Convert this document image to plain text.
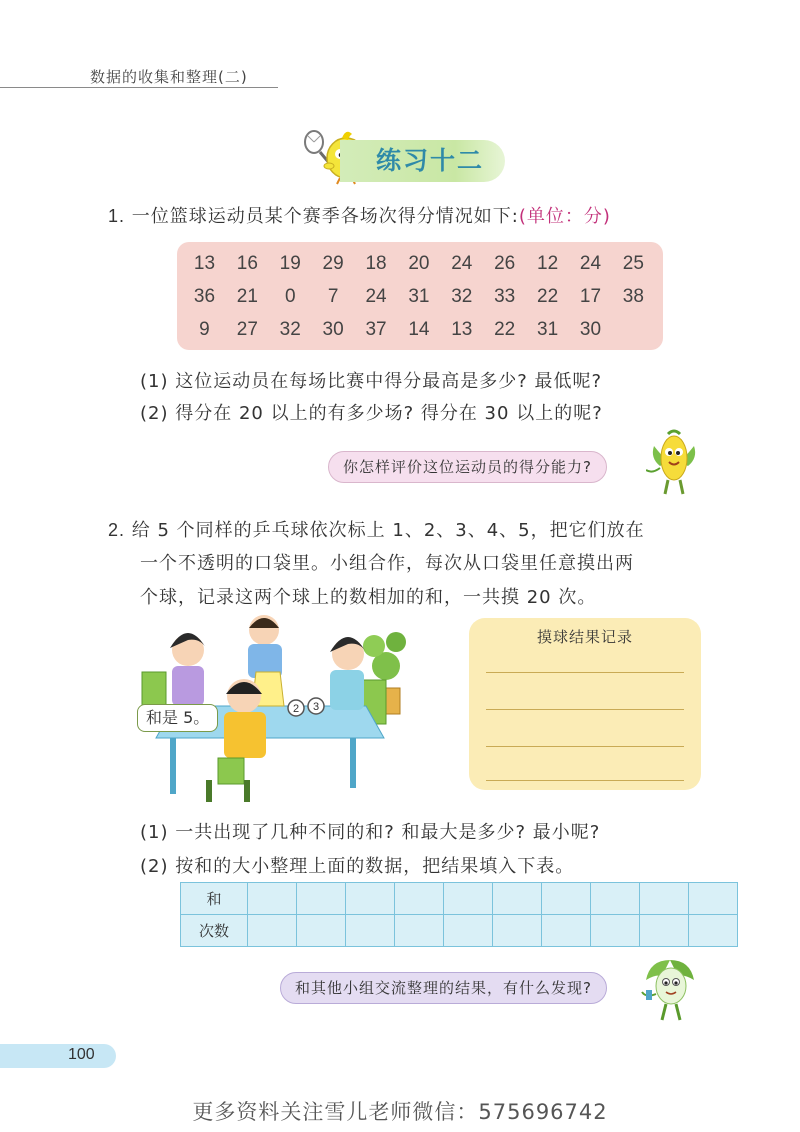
数据的收集和整理(二)
练习十二
1. 一位篮球运动员某个赛季各场次得分情况如下:(单位：分)
13	16	19	29	18	20	24	26	12	24	25
36	21	0	7	24	31	32	33	22	17	38
9	27	32	30	37	14	13	22	31	30
(1) 这位运动员在每场比赛中得分最高是多少? 最低呢?
(2) 得分在 20 以上的有多少场? 得分在 30 以上的呢?
你怎样评价这位运动员的得分能力?
2. 给 5 个同样的乒乓球依次标上 1、2、3、4、5，把它们放在
一个不透明的口袋里。小组合作，每次从口袋里任意摸出两
个球，记录这两个球上的数相加的和，一共摸 20 次。
2 3
和是 5。
摸球结果记录
(1) 一共出现了几种不同的和? 和最大是多少? 最小呢?
(2) 按和的大小整理上面的数据，把结果填入下表。
和										
次数										
和其他小组交流整理的结果，有什么发现?
100
更多资料关注雪儿老师微信：575696742
